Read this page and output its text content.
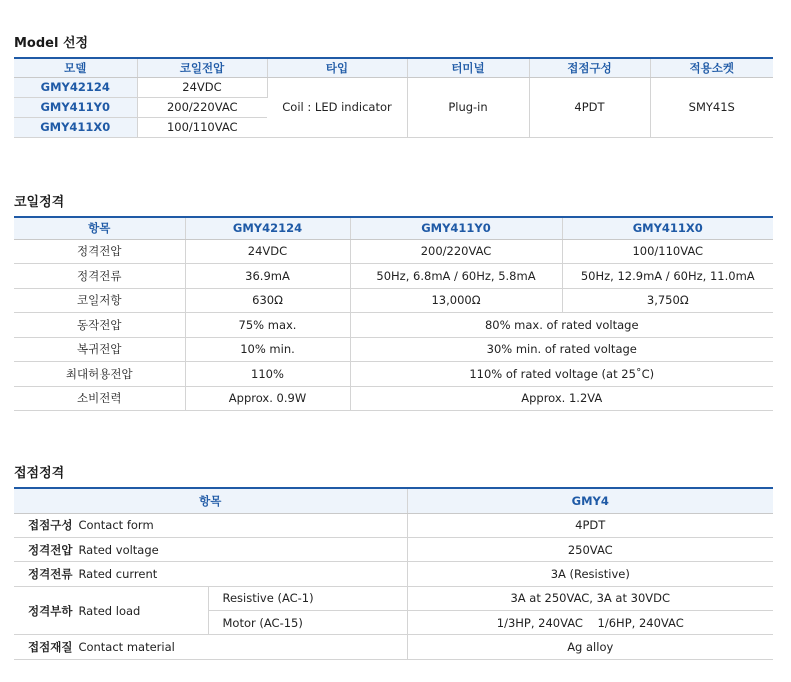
Model 선정
모델	코일전압	타입	터미널	접점구성	적용소켓
GMY42124	24VDC	Coil : LED indicator	Plug-in	4PDT	SMY41S
GMY411Y0	200/220VAC				
GMY411X0	100/110VAC				
코일정격
항목	GMY42124	GMY411Y0	GMY411X0
정격전압	24VDC	200/220VAC	100/110VAC
정격전류	36.9mA	50Hz, 6.8mA / 60Hz, 5.8mA	50Hz, 12.9mA / 60Hz, 11.0mA
코일저항	630Ω	13,000Ω	3,750Ω
동작전압	75% max.	80% max. of rated voltage	
복귀전압	10% min.	30% min. of rated voltage	
최대허용전압	110%	110% of rated voltage (at 25˚C)	
소비전력	Approx. 0.9W	Approx. 1.2VA	
접점정격
항목		GMY4
접점구성 Contact form		4PDT
정격전압 Rated voltage		250VAC
정격전류 Rated current		3A (Resistive)
정격부하 Rated load	Resistive (AC-1)	3A at 250VAC, 3A at 30VDC
	Motor (AC-15)	1/3HP, 240VAC    1/6HP, 240VAC
접점재질 Contact material		Ag alloy
